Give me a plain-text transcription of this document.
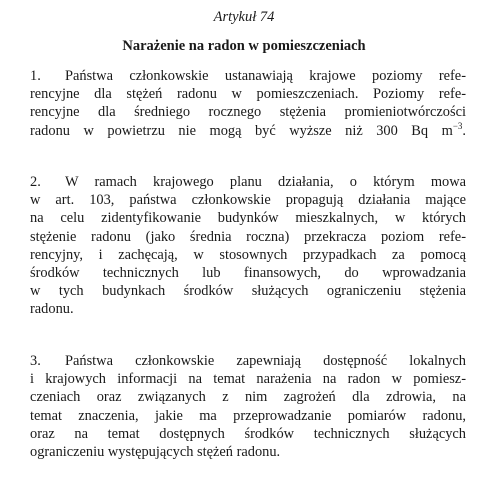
Artykuł 74
Narażenie na radon w pomieszczeniach
1. Państwa członkowskie ustanawiają krajowe poziomy refe-
rencyjne dla stężeń radonu w pomieszczeniach. Poziomy refe-
rencyjne dla średniego rocznego stężenia promieniotwórczości
radonu w powietrzu nie mogą być wyższe niż 300 Bq $m^{-3}$.
2. W ramach krajowego planu działania, o którym mowa
w art. 103, państwa członkowskie propagują działania mające
na celu zidentyfikowanie budynków mieszkalnych, w których
stężenie radonu (jako średnia roczna) przekracza poziom refe-
rencyjny, i zachęcają, w stosownych przypadkach za pomocą
środków technicznych lub finansowych, do wprowadzania
w tych budynkach środków służących ograniczeniu stężenia
radonu.
3. Państwa członkowskie zapewniają dostępność lokalnych
i krajowych informacji na temat narażenia na radon w pomiesz-
czeniach oraz związanych z nim zagrożeń dla zdrowia, na
temat znaczenia, jakie ma przeprowadzanie pomiarów radonu,
oraz na temat dostępnych środków technicznych służących
ograniczeniu występujących stężeń radonu.
